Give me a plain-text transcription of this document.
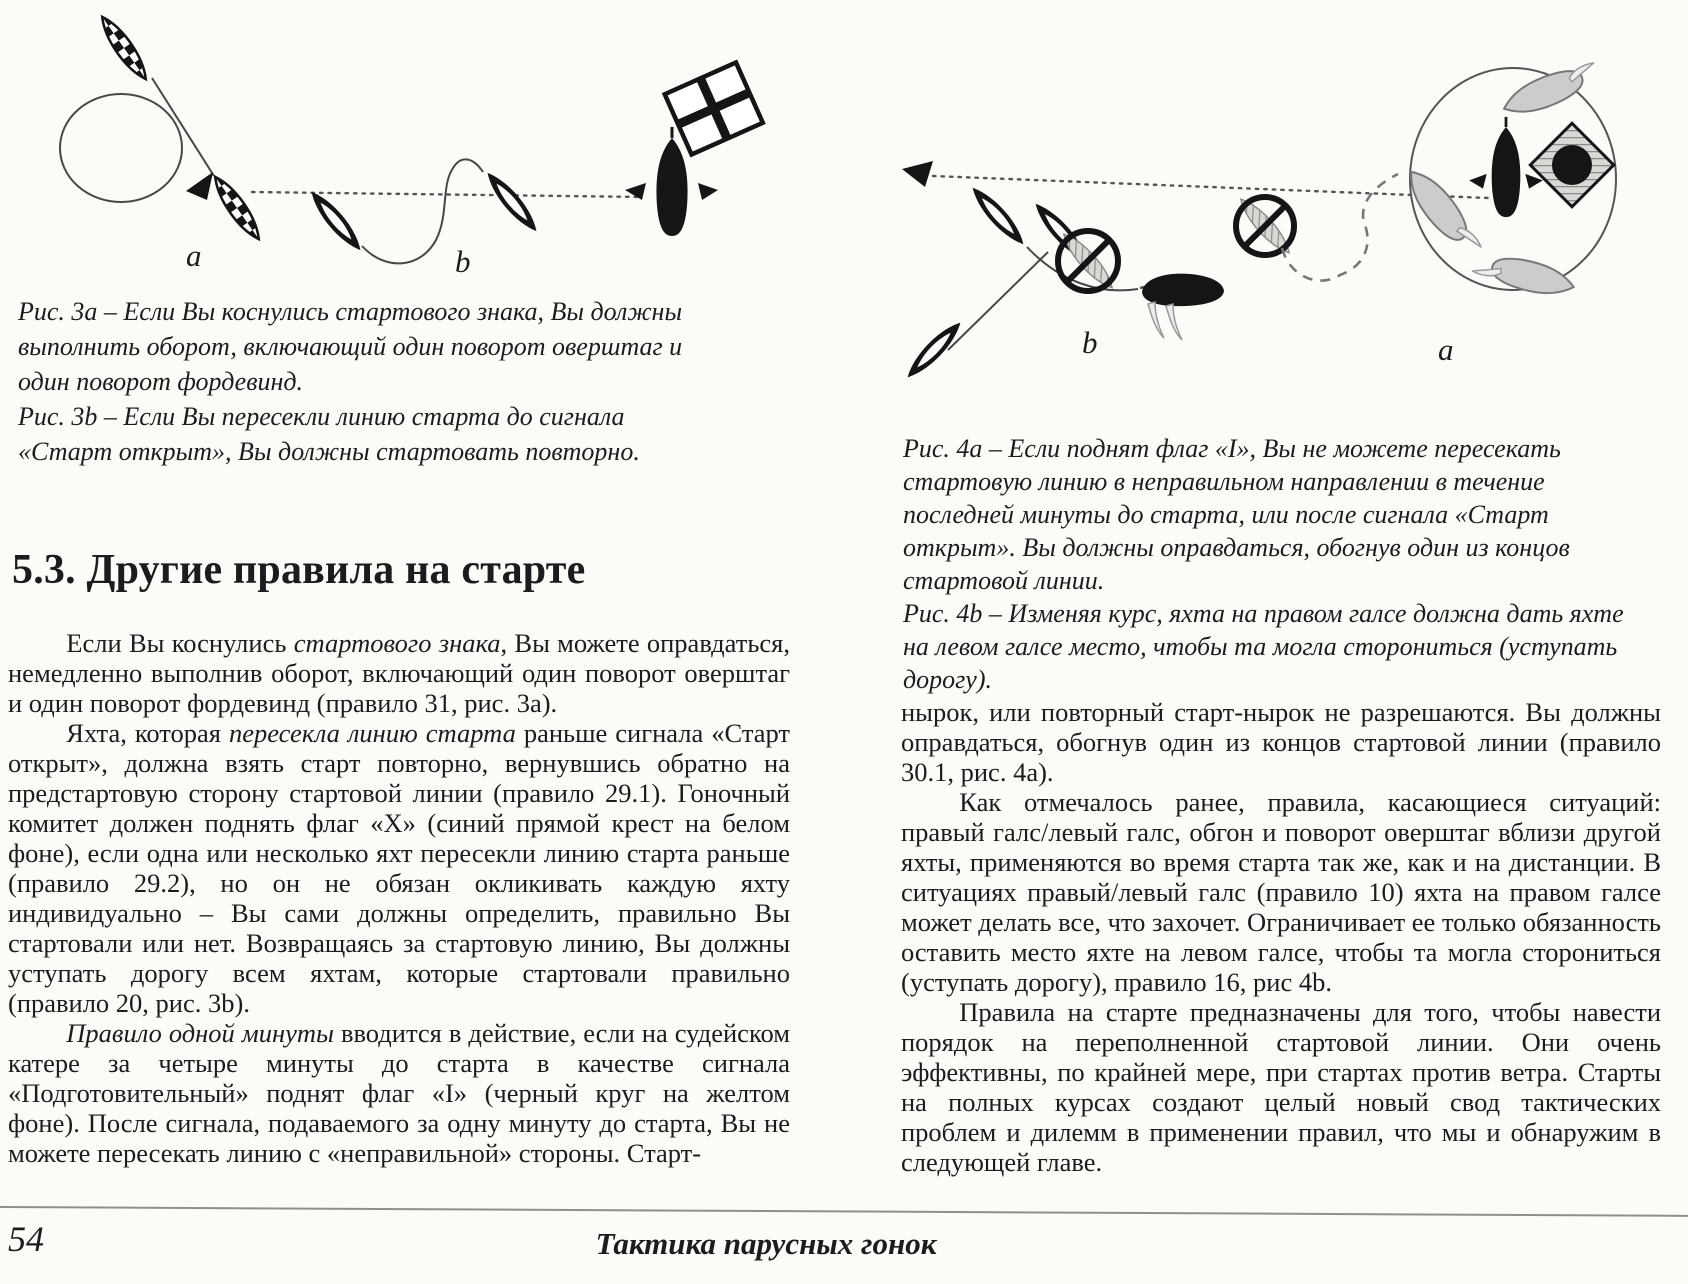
a	b
b	a

Рис. 3а – Если Вы коснулись стартового знака, Вы должны выполнить оборот, включающий один поворот оверштаг и один поворот фордевинд.

Рис. 3b – Если Вы пересекли линию старта до сигнала «Старт открыт», Вы должны стартовать повторно.	Рис. 4а – Если поднят флаг «I», Вы не можете пересекать стартовую линию в неправильном направлении в течение последней минуты до старта, или после сигнала «Старт открыт». Вы должны оправдаться, обогнув один из концов стартовой линии.

Рис. 4b – Изменяя курс, яхта на правом галсе должна дать яхте на левом галсе место, чтобы та могла сторониться (уступать дорогу).

5.3. Другие правила на старте

Если Вы коснулись стартового знака, Вы можете оправдаться, немедленно выполнив оборот, включающий один поворот оверштаг и один поворот фордевинд (правило 31, рис. 3а).

Яхта, которая пересекла линию старта раньше сигнала «Старт открыт», должна взять старт повторно, вернувшись обратно на предстартовую сторону стартовой линии (правило 29.1). Гоночный комитет должен поднять флаг «Х» (синий прямой крест на белом фоне), если одна или несколько яхт пересекли линию старта раньше (правило 29.2), но он не обязан окликивать каждую яхту индивидуально – Вы сами должны определить, правильно Вы стартовали или нет. Возвращаясь за стартовую линию, Вы должны уступать дорогу всем яхтам, которые стартовали правильно (правило 20, рис. 3b).

Правило одной минуты вводится в действие, если на судейском катере за четыре минуты до старта в качестве сигнала «Подготовительный» поднят флаг «I» (черный круг на желтом фоне). После сигнала, подаваемого за одну минуту до старта, Вы не можете пересекать линию с «неправильной» стороны. Старт-

нырок, или повторный старт-нырок не разрешаются. Вы должны оправдаться, обогнув один из концов стартовой линии (правило 30.1, рис. 4а).

Как отмечалось ранее, правила, касающиеся ситуаций: правый галс/левый галс, обгон и поворот оверштаг вблизи другой яхты, применяются во время старта так же, как и на дистанции. В ситуациях правый/левый галс (правило 10) яхта на правом галсе может делать все, что захочет. Ограничивает ее только обязанность оставить место яхте на левом галсе, чтобы та могла сторониться (уступать дорогу), правило 16, рис 4b.

Правила на старте предназначены для того, чтобы навести порядок на переполненной стартовой линии. Они очень эффективны, по крайней мере, при стартах против ветра. Старты на полных курсах создают целый новый свод тактических проблем и дилемм в применении правил, что мы и обнаружим в следующей главе.

54	Тактика парусных гонок
